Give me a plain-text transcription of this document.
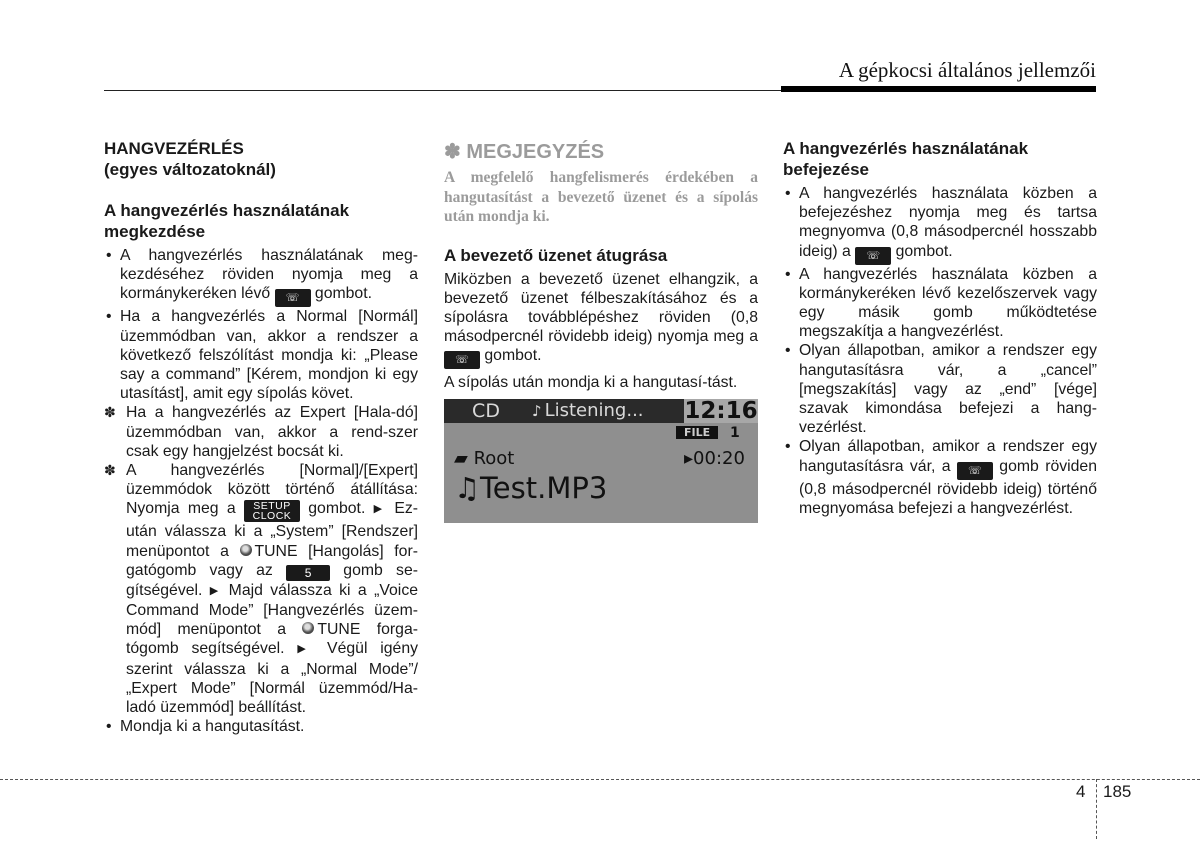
A gépkocsi általános jellemzői

HANGVEZÉRLÉS

(egyes változatoknál)

A hangvezérlés használatának megkezdése

• A hangvezérlés használatának meg-kezdéséhez röviden nyomja meg a kormánykeréken lévő ☏ gombot.
• Ha a hangvezérlés a Normal [Normál] üzemmódban van, akkor a rendszer a következő felszólítást mondja ki: „Please say a command” [Kérem, mondjon ki egy utasítást], amit egy sípolás követ.
✽ Ha a hangvezérlés az Expert [Hala-dó] üzemmódban van, akkor a rend-szer csak egy hangjelzést bocsát ki.
✽ A hangvezérlés [Normal]/[Expert] üzemmódok között történő átállítása: Nyomja meg a SETUP
CLOCK gombot. ▶ Ez-után válassza ki a „System” [Rendszer] menüpontot a TUNE [Hangolás] for-gatógomb vagy az	5 gomb se-gítségével. ▶ Majd válassza ki a „Voice Command Mode” [Hangvezérlés üzem-mód] menüpontot a TUNE forga-tógomb segítségével. ▶ Végül igény szerint válassza ki a „Normal Mode”/ „Expert Mode” [Normál üzemmód/Ha-ladó üzemmód] beállítást.
• Mondja ki a hangutasítást.
✽ MEGJEGYZÉS
A megfelelő hangfelismerés érdekében a hangutasítást a bevezető üzenet és a sípolás után mondja ki.

A bevezető üzenet átugrása

Miközben a bevezető üzenet elhangzik, a bevezető üzenet félbeszakításához és a sípolásra továbblépéshez röviden (0,8 másodpercnél rövidebb ideig) nyomja meg a ☏ gombot.

A sípolás után mondja ki a hangutasí-tást.

CD	♪ Listening...	12:16
FILE	1
▰ Root	▸00:20
♫Test.MP3

A hangvezérlés használatának befejezése

• A hangvezérlés használata közben a befejezéshez nyomja meg és tartsa megnyomva (0,8 másodpercnél hosszabb ideig) a ☏ gombot.
• A hangvezérlés használata közben a kormánykeréken lévő kezelőszervek vagy egy másik gomb működtetése megszakítja a hangvezérlést.
• Olyan állapotban, amikor a rendszer egy hangutasításra vár, a „cancel” [megszakítás] vagy az „end” [vége] szavak kimondása befejezi a hang-vezérlést.
• Olyan állapotban, amikor a rendszer egy hangutasításra vár, a ☏ gomb röviden (0,8 másodpercnél rövidebb ideig) történő megnyomása befejezi a hangvezérlést.
4 185
